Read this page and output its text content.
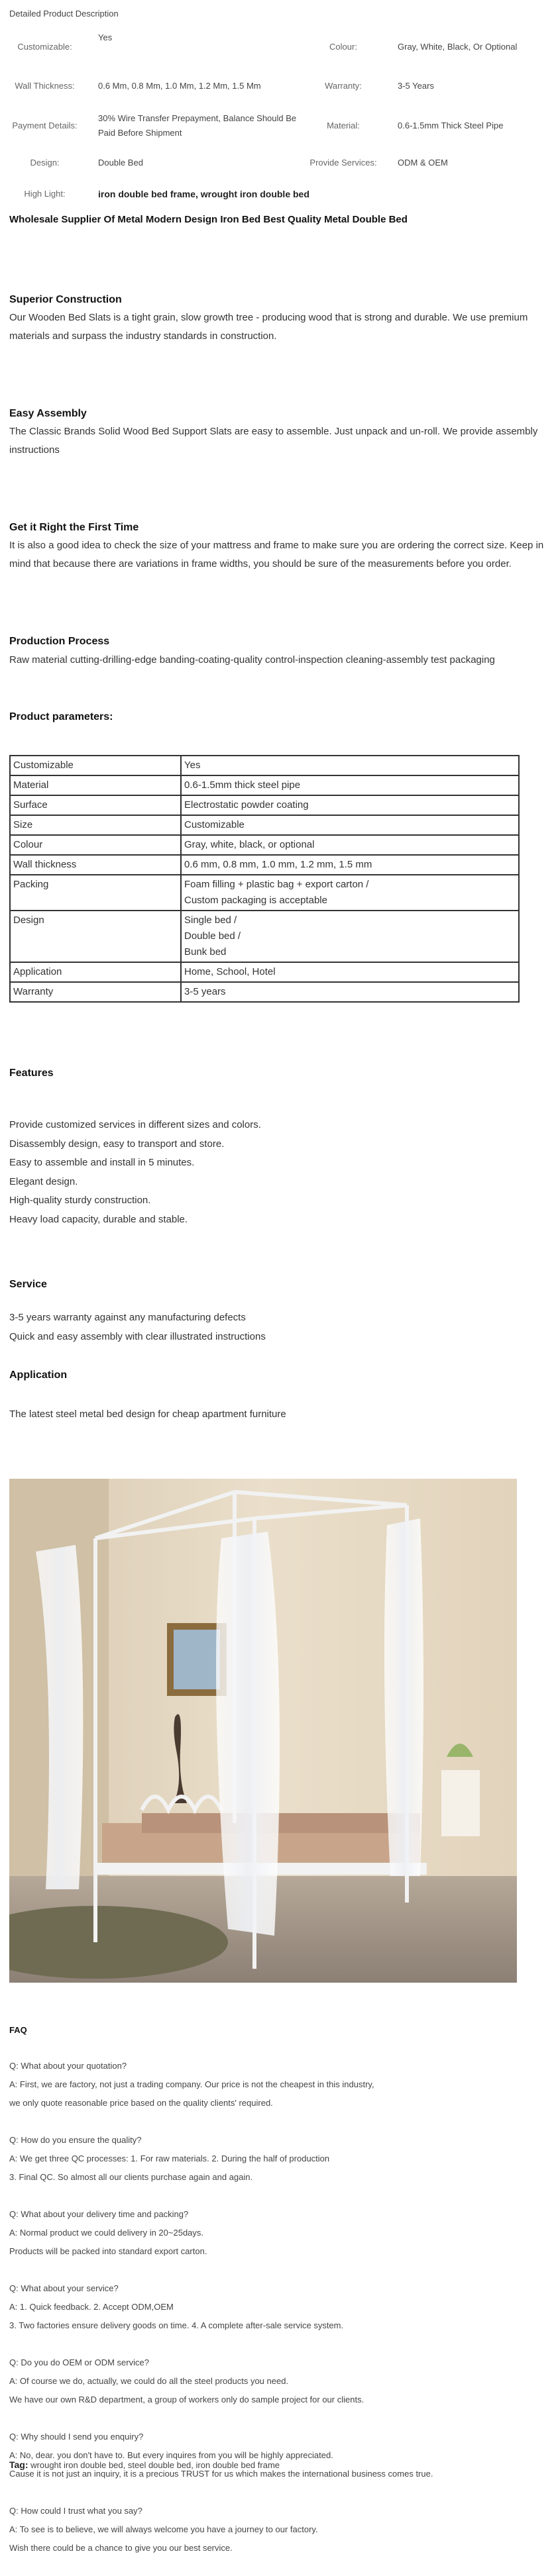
Detailed Product Description
Customizable:	Yes	Colour:	Gray, White, Black, Or Optional
Wall Thickness:	0.6 Mm, 0.8 Mm, 1.0 Mm, 1.2 Mm, 1.5 Mm	Warranty:	3-5 Years
Payment Details:	30% Wire Transfer Prepayment, Balance Should Be Paid Before Shipment	Material:	0.6-1.5mm Thick Steel Pipe
Design:	Double Bed	Provide Services:	ODM & OEM
High Light:	iron double bed frame, wrought iron double bed		
Wholesale Supplier Of Metal Modern Design Iron Bed Best Quality Metal Double Bed
Superior Construction

Our Wooden Bed Slats is a tight grain, slow growth tree - producing wood that is strong and durable. We use premium materials and surpass the industry standards in construction.

Easy Assembly

The Classic Brands Solid Wood Bed Support Slats are easy to assemble. Just unpack and un-roll. We provide assembly instructions

Get it Right the First Time

It is also a good idea to check the size of your mattress and frame to make sure you are ordering the correct size. Keep in mind that because there are variations in frame widths, you should be sure of the measurements before you order.

Production Process

Raw material cutting-drilling-edge banding-coating-quality control-inspection cleaning-assembly test packaging

Product parameters:
Customizable	Yes

Material	0.6-1.5mm thick steel pipe

Surface	Electrostatic powder coating

Size	Customizable

Colour	Gray, white, black, or optional

Wall thickness	0.6 mm, 0.8 mm, 1.0 mm, 1.2 mm, 1.5 mm

Packing	Foam filling + plastic bag + export carton /
Custom packaging is acceptable

Design	Single bed /
Double bed /
Bunk bed

Application	Home, School, Hotel

Warranty	3-5 years
Features
Provide customized services in different sizes and colors.
Disassembly design, easy to transport and store.
Easy to assemble and install in 5 minutes.
Elegant design.
High-quality sturdy construction.
Heavy load capacity, durable and stable.
Service
3-5 years warranty against any manufacturing defects
Quick and easy assembly with clear illustrated instructions
Application

The latest steel metal bed design for cheap apartment furniture

FAQ
Q: What about your quotation?
A: First, we are factory, not just a trading company. Our price is not the cheapest in this industry,
we only quote reasonable price based on the quality clients' required.
Q: How do you ensure the quality?
A: We get three QC processes: 1. For raw materials. 2. During the half of production
3. Final QC. So almost all our clients purchase again and again.
Q: What about your delivery time and packing?
A: Normal product we could delivery in 20~25days.
Products will be packed into standard export carton.
Q: What about your service?
A: 1. Quick feedback. 2. Accept ODM,OEM
3. Two factories ensure delivery goods on time. 4. A complete after-sale service system.
Q: Do you do OEM or ODM service?
A: Of course we do, actually, we could do all the steel products you need.
We have our own R&D department, a group of workers only do sample project for our clients.
Q: Why should I send you enquiry?
A: No, dear. you don't have to. But every inquires from you will be highly appreciated.
Cause it is not just an inquiry, it is a precious TRUST for us which makes the international business comes true.
Q: How could I trust what you say?
A: To see is to believe, we will always welcome you have a journey to our factory.
Wish there could be a chance to give you our best service.
Tag: wrought iron double bed, steel double bed, iron double bed frame
